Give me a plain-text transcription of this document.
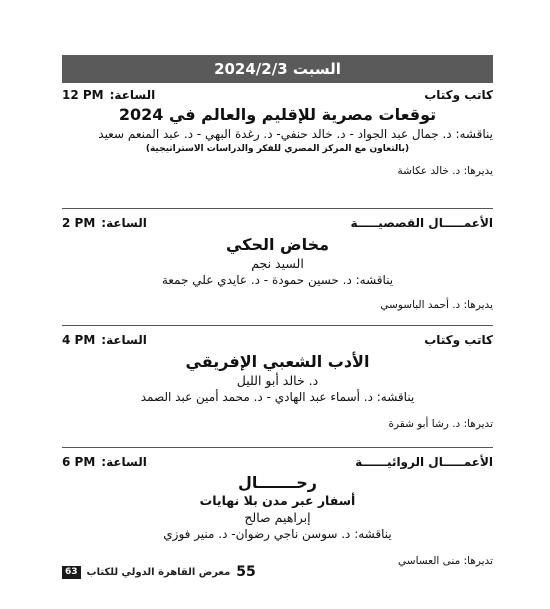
السبت 2024/2/3
كاتب وكتاب
الساعة:
12 PM
توقعات مصرية للإقليم والعالم في 2024
يناقشه: د. جمال عبد الجواد - د. خالد حنفي- د. رغدة البهي - د. عبد المنعم سعيد
(بالتعاون مع المركز المصري للفكر والدراسات الاستراتيجية)
يديرها: د. خالد عكاشة
الأعمـــــال القصصيـــــة
الساعة:
2 PM
مخاض الحكي
السيد نجم
يناقشه: د. حسين حمودة - د. عايدي علي جمعة
يديرها: د. أحمد الباسوسي
كاتب وكتاب
الساعة:
4 PM
الأدب الشعبي الإفريقي
د. خالد أبو الليل
يناقشه: د. أسماء عبد الهادي - د. محمد أمين عبد الصمد
تديرها: د. رشا أبو شقرة
الأعمـــــال الروائيــــــة
الساعة:
6 PM
رحـــــــال
أسفار عبر مدن بلا نهايات
إبراهيم صالح
يناقشه: د. سوسن ناجي رضوان- د. منير فوزي
تديرها: منى العساسي
63 معرض القاهرة الدولي للكتاب 55
